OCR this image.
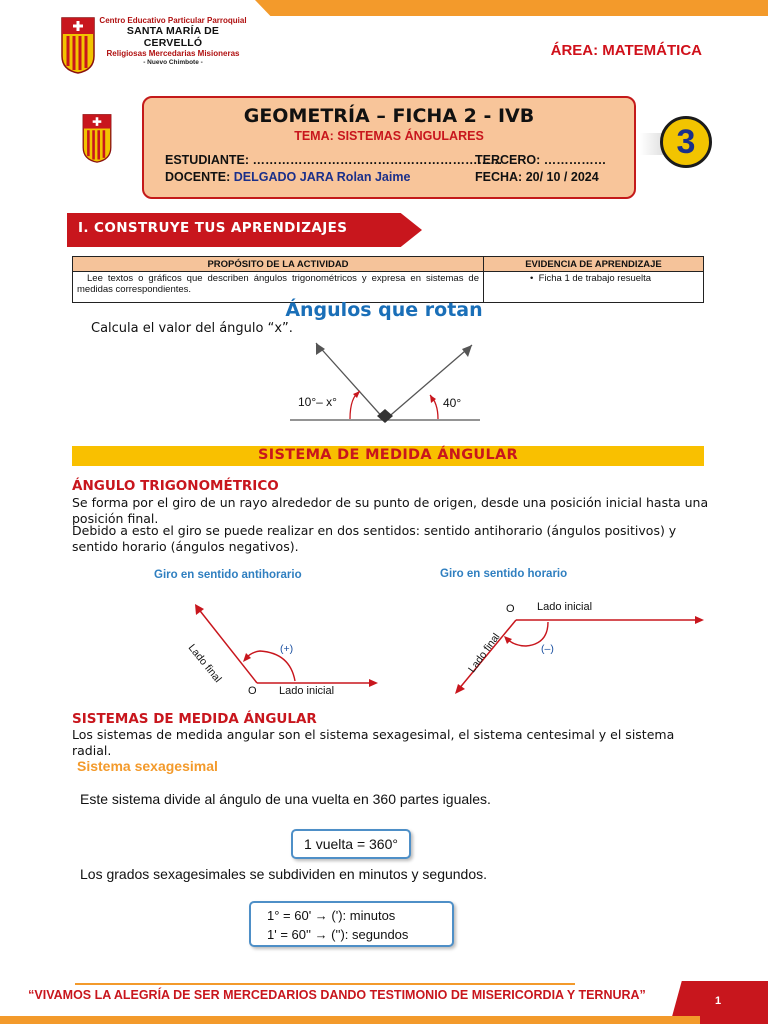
Centro Educativo Particular Parroquial
SANTA MARÍA DE CERVELLÓ
Religiosas Mercedarias Misioneras
- Nuevo Chimbote -
ÁREA: MATEMÁTICA
GEOMETRÍA – FICHA 2 - IVB
TEMA: SISTEMAS ÁNGULARES
ESTUDIANTE: ……………………………………………………
TERCERO: ……………
DOCENTE: DELGADO JARA Rolan Jaime	FECHA: 20/ 10 / 2024
3
I. CONSTRUYE TUS APRENDIZAJES
PROPÓSITO DE LA ACTIVIDAD	EVIDENCIA DE APRENDIZAJE
Lee textos o gráficos que describen ángulos trigonométricos y expresa en sistemas de medidas correspondientes.	•  Ficha 1 de trabajo resuelta
Ángulos que rotan
Calcula el valor del ángulo “x”.
10°– x°	40°
SISTEMA DE MEDIDA ÁNGULAR
ÁNGULO TRIGONOMÉTRICO
Se forma por el giro de un rayo alrededor de su punto de origen, desde una posición inicial hasta una posición final.
Debido a esto el giro se puede realizar en dos sentidos: sentido antihorario (ángulos positivos) y sentido horario (ángulos negativos).
Giro en sentido antihorario
Lado final
Lado inicial
O
(+)
Giro en sentido horario
O Lado inicial
Lado final	(–)
SISTEMAS DE MEDIDA ÁNGULAR
Los sistemas de medida angular son el sistema sexagesimal, el sistema centesimal y el sistema radial.
Sistema sexagesimal
Este sistema divide al ángulo de una vuelta en 360 partes iguales.
1 vuelta = 360°
Los grados sexagesimales se subdividen en minutos y segundos.
1° = 60' → ('): minutos
1' = 60'' → (''): segundos
“VIVAMOS LA ALEGRÍA DE SER MERCEDARIOS DANDO TESTIMONIO DE MISERICORDIA Y TERNURA”	1
